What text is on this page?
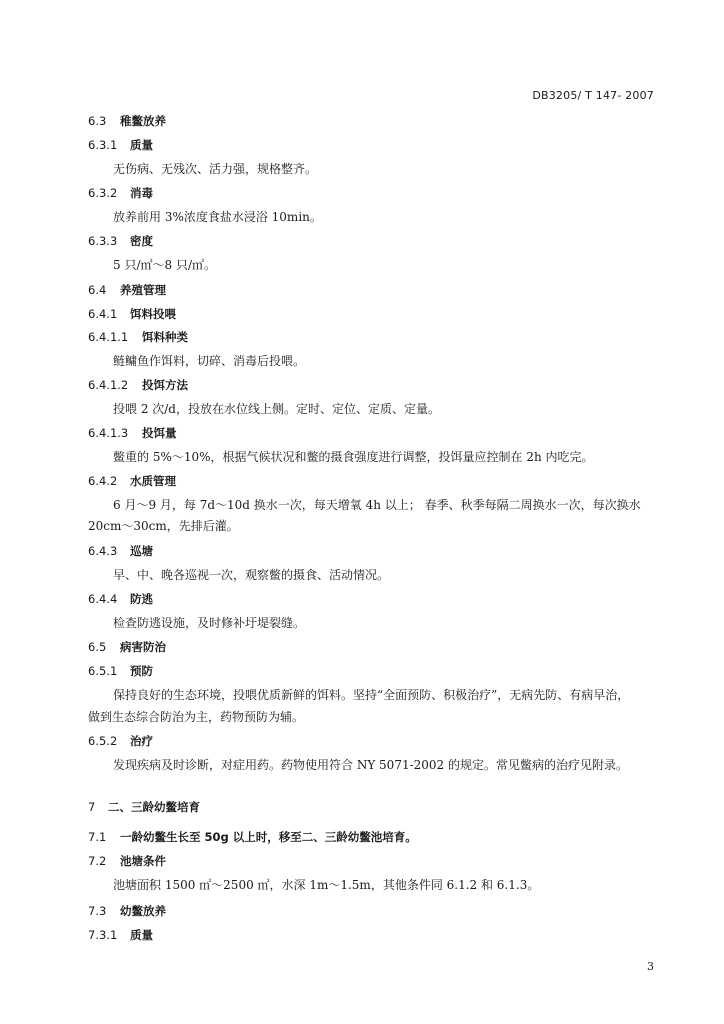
DB3205/ T 147- 2007
6.3 稚鳖放养
6.3.1 质量
无伤病、无残次、活力强，规格整齐。
6.3.2 消毒
放养前用 3%浓度食盐水浸浴 10min。
6.3.3 密度
5 只/㎡～8 只/㎡。
6.4 养殖管理
6.4.1 饵料投喂
6.4.1.1 饵料种类
鲢鳙鱼作饵料，切碎、消毒后投喂。
6.4.1.2 投饵方法
投喂 2 次/d，投放在水位线上侧。定时、定位、定质、定量。
6.4.1.3 投饵量
鳖重的 5%～10%，根据气候状况和鳖的摄食强度进行调整，投饵量应控制在 2h 内吃完。
6.4.2 水质管理
6 月～9 月，每 7d～10d 换水一次，每天增氧 4h 以上； 春季、秋季每隔二周换水一次，每次换水
20cm～30cm，先排后灌。
6.4.3 巡塘
早、中、晚各巡视一次，观察鳖的摄食、活动情况。
6.4.4 防逃
检查防逃设施，及时修补圩堤裂缝。
6.5 病害防治
6.5.1 预防
保持良好的生态环境，投喂优质新鲜的饵料。坚持“全面预防、积极治疗”，无病先防、有病早治，
做到生态综合防治为主，药物预防为辅。
6.5.2 治疗
发现疾病及时诊断，对症用药。药物使用符合 NY 5071-2002 的规定。常见鳖病的治疗见附录。
7 二、三龄幼鳖培育
7.1 一龄幼鳖生长至 50g 以上时，移至二、三龄幼鳖池培育。
7.2 池塘条件
池塘面积 1500 ㎡～2500 ㎡，水深 1m～1.5m，其他条件同 6.1.2 和 6.1.3。
7.3 幼鳖放养
7.3.1 质量
3
